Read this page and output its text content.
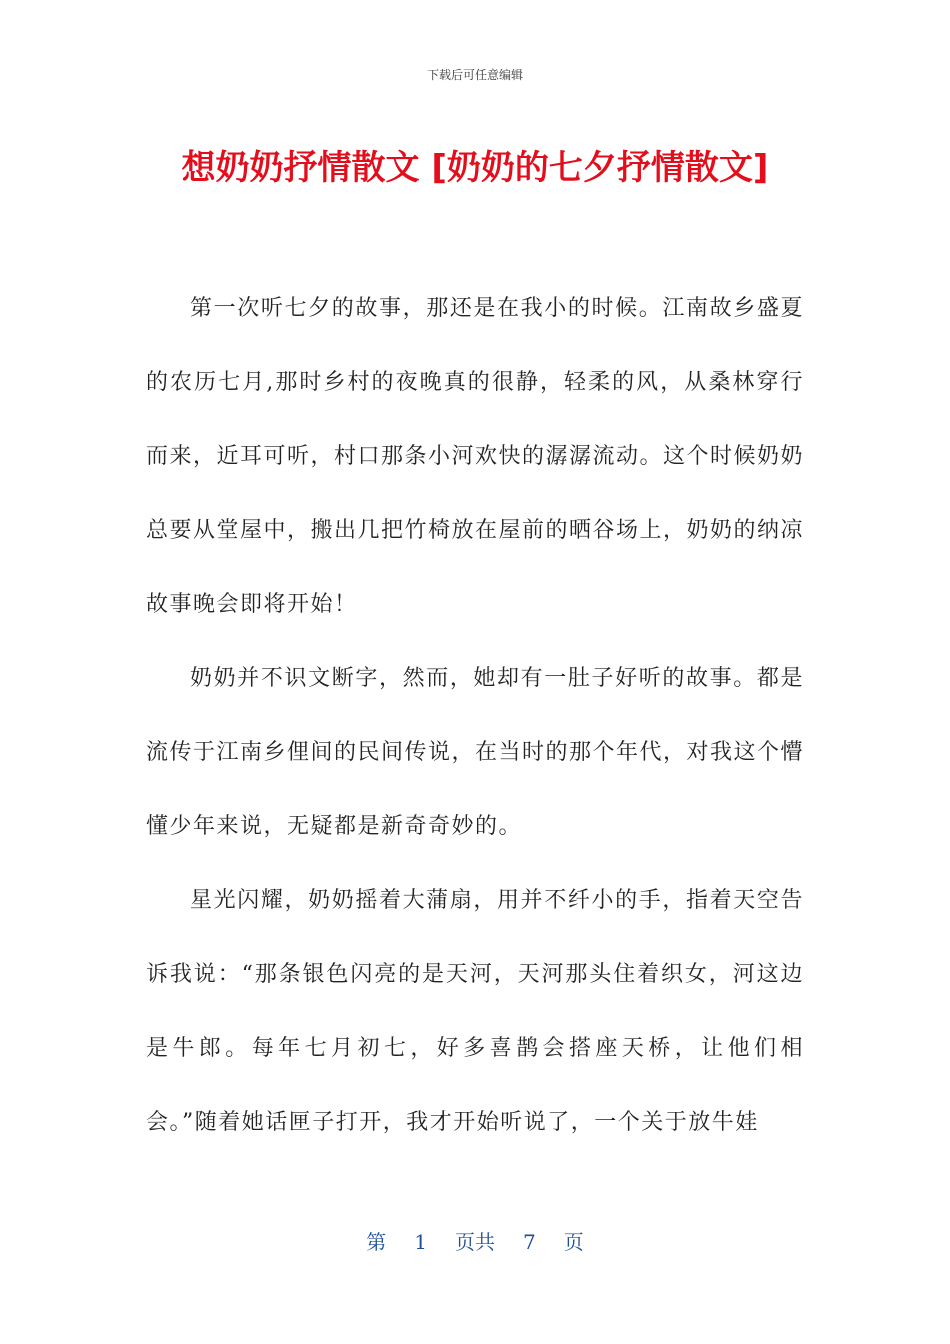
下载后可任意编辑
想奶奶抒情散文 [奶奶的七夕抒情散文]

第一次听七夕的故事，那还是在我小的时候。江南故乡盛夏的农历七月,那时乡村的夜晚真的很静，轻柔的风，从桑林穿行而来，近耳可听，村口那条小河欢快的潺潺流动。这个时候奶奶总要从堂屋中，搬出几把竹椅放在屋前的晒谷场上，奶奶的纳凉故事晚会即将开始！

奶奶并不识文断字，然而，她却有一肚子好听的故事。都是流传于江南乡俚间的民间传说，在当时的那个年代，对我这个懵懂少年来说，无疑都是新奇奇妙的。

星光闪耀，奶奶摇着大蒲扇，用并不纤小的手，指着天空告诉我说：“那条银色闪亮的是天河，天河那头住着织女，河这边是牛郎。每年七月初七，好多喜鹊会搭座天桥，让他们相会。”随着她话匣子打开，我才开始听说了，一个关于放牛娃

第 1 页共 7 页
